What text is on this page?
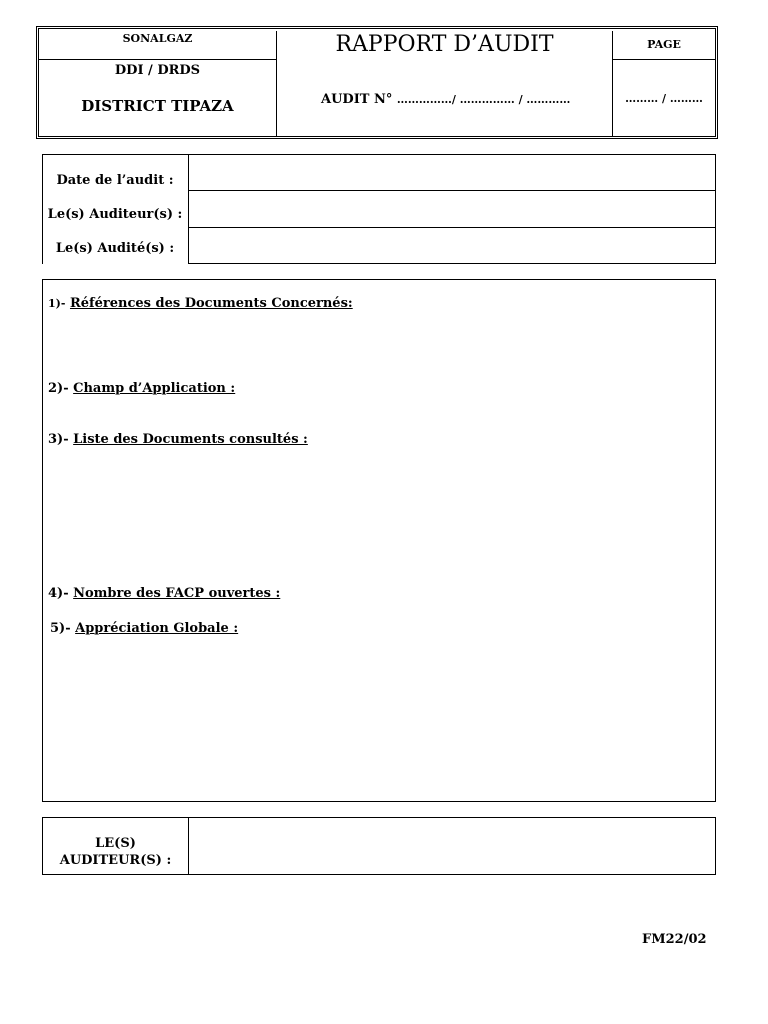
SONALGAZ	RAPPORT D’AUDIT	PAGE
DDI / DRDS
DISTRICT TIPAZA	AUDIT N° ……………/ …………… / …………	……… / ………
Date de l’audit :
Le(s) Auditeur(s) :
Le(s) Audité(s) :
1)- Références des Documents Concernés:
2)- Champ d’Application :
3)- Liste des Documents consultés :
4)- Nombre des FACP ouvertes :
5)- Appréciation Globale :
LE(S)
AUDITEUR(S) :
FM22/02
